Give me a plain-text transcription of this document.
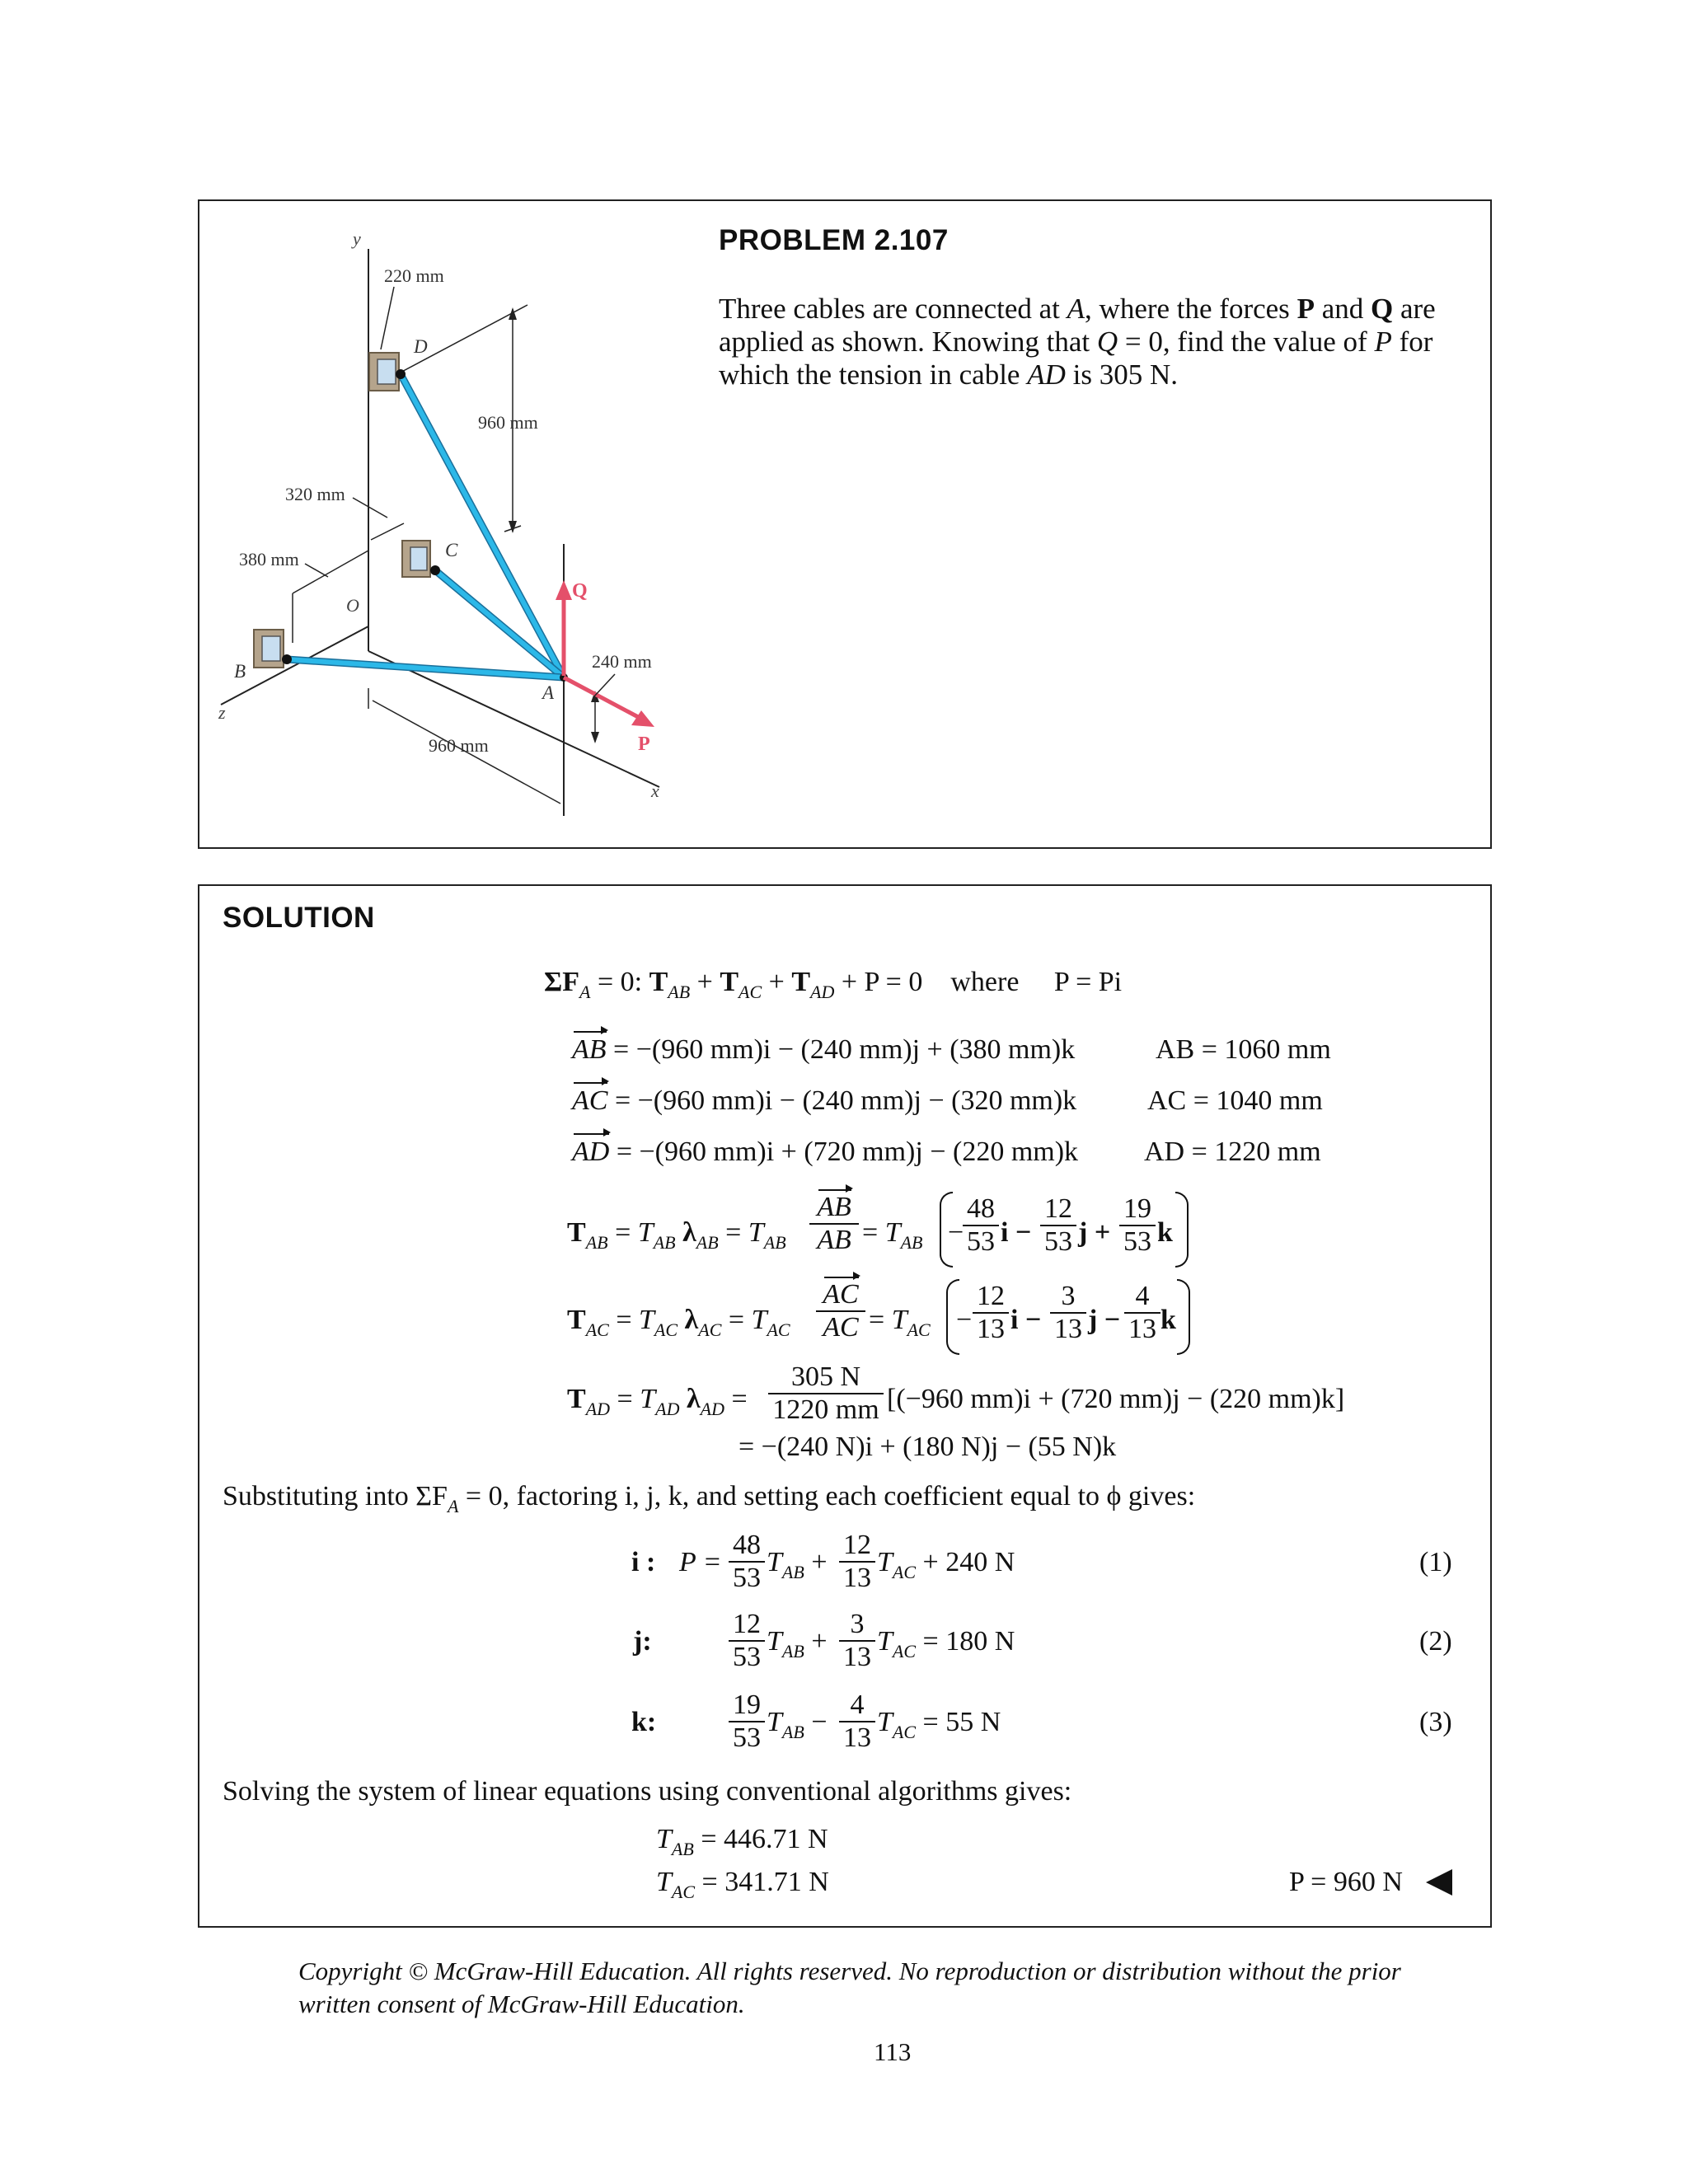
y
x
z
O
Q
P
D
C
B
A
220 mm
960 mm
320 mm
380 mm
240 mm
960 mm
PROBLEM 2.107
Three cables are connected at A, where the forces P and Q are applied as shown. Knowing that Q = 0, find the value of P for which the tension in cable AD is 305 N.
SOLUTION
$\Sigma F_A = 0$: $T_{AB} + T_{AC} + T_{AD} + P = 0$ where P = Pi
AB = −(960 mm)i − (240 mm)j + (380 mm)k	AB = 1060 mm
AC = −(960 mm)i − (240 mm)j − (320 mm)k	AC = 1040 mm
AD = −(960 mm)i + (720 mm)j − (220 mm)k AD = 1220 mm
$T_{AB} = T_{AB}$ $\lambda_{AB} = T_{AB} \frac{AB}{AB} = T_{AB}$ −
$\frac{48}{53}$ $i - \frac{12}{53}$ $j + \frac{19}{53}$ k
$T_{AC} = T_{AC}$ $\lambda_{AC} = T_{AC} \frac{AC}{AC} = T_{AC} - \frac{12}{13}$ $i - \frac{3}{13}$ $j - \frac{4}{13}$ k
$T_{AD} = T_{AD}$ $\lambda_{AD} = \frac{305 N}{1220 mm} [(-960$ mm)i + (720 mm)j − (220 mm)k]
= −(240 N)i + (180 N)j − (55 N)k
Substituting into $\Sigma F_A = 0$, factoring i, j, k, and setting each coefficient equal to ϕ gives:
i : $P = \frac{48}{53} T_{AB} + \frac{12}{13} T_{AC} + 240$ N	(1)
j:	$\frac{12}{53} T_{AB} + \frac{3}{13} T_{AC} = 180$ N	(2)
k:	$\frac{19}{53} T_{AB} - \frac{4}{13} T_{AC} = 55$ N	(3)
Solving the system of linear equations using conventional algorithms gives:
$T_{AB} = 446.71$ N
$T_{AC} = 341.71$ N	P = 960 N
Copyright © McGraw-Hill Education. All rights reserved. No reproduction or distribution without the prior written consent of McGraw-Hill Education.
113
